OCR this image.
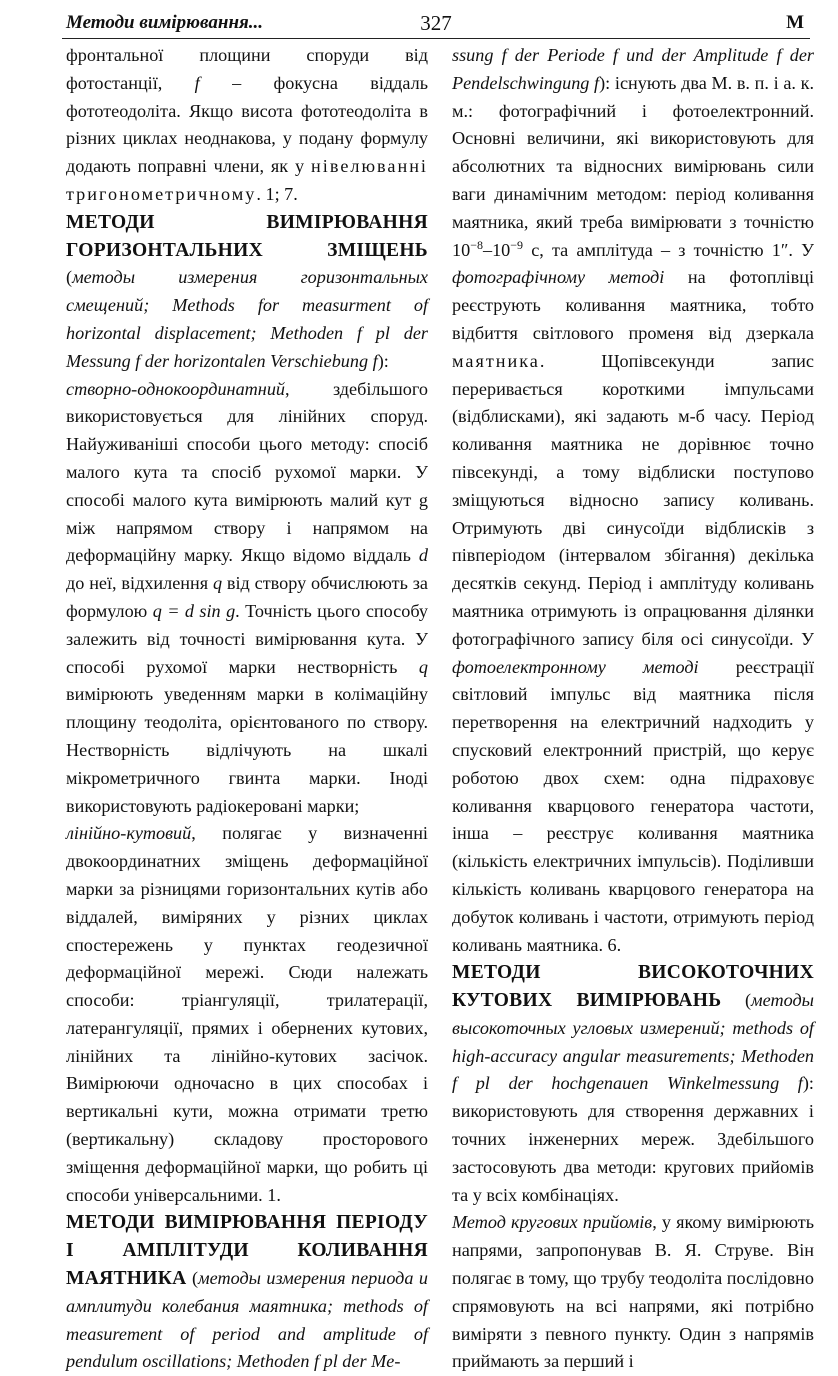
Методи вимірювання...	327	М

фронтальної площини споруди від фотостанції, f – фокусна віддаль фототеодоліта. Якщо висота фототеодоліта в різних циклах неоднакова, у подану формулу додають поправні члени, як у нівелюванні тригонометричному. 1; 7.

МЕТОДИ ВИМІРЮВАННЯ ГОРИЗОНТАЛЬНИХ ЗМІЩЕНЬ (методы измерения горизонтальных смещений; Methods for measurment of horizontal displacement; Methoden f pl der Messung f der horizontalen Verschiebung f):

створно-однокоординатний, здебільшого використовується для лінійних споруд. Найуживаніші способи цього методу: спосіб малого кута та спосіб рухомої марки. У способі малого кута вимірюють малий кут g між напрямом створу і напрямом на деформаційну марку. Якщо відомо віддаль d до неї, відхилення q від створу обчислюють за формулою q = d sin g. Точність цього способу залежить від точності вимірювання кута. У способі рухомої марки нестворність q вимірюють уведенням марки в колімаційну площину теодоліта, орієнтованого по створу. Нестворність відлічують на шкалі мікрометричного гвинта марки. Іноді використовують радіокеровані марки;

лінійно-кутовий, полягає у визначенні двокоординатних зміщень деформаційної марки за різницями горизонтальних кутів або віддалей, виміряних у різних циклах спостережень у пунктах геодезичної деформаційної мережі. Сюди належать способи: тріангуляції, трилатерації, латерангуляції, прямих і обернених кутових, лінійних та лінійно-кутових засічок. Вимірюючи одночасно в цих способах і вертикальні кути, можна отримати третю (вертикальну) складову просторового зміщення деформаційної марки, що робить ці способи універсальними. 1.

МЕТОДИ ВИМІРЮВАННЯ ПЕРІОДУ І АМПЛІТУДИ КОЛИВАННЯ МАЯТНИКА (методы измерения периода и амплитуди колебания маятника; methods of measurement of period and amplitude of pendulum oscillations; Methoden f pl der Me-

ssung f der Periode f und der Amplitude f der Pendelschwingung f): існують два М. в. п. і а. к. м.: фотографічний і фотоелектронний. Основні величини, які використовують для абсолютних та відносних вимірювань сили ваги динамічним методом: період коливання маятника, який треба вимірювати з точністю $10^{-8}-10^{-9}$ с, та амплітуда – з точністю 1″. У фотографічному методі на фотоплівці реєструють коливання маятника, тобто відбиття світлового променя від дзеркала маятника. Щопівсекунди запис переривається короткими імпульсами (відблисками), які задають м-б часу. Період коливання маятника не дорівнює точно півсекунді, а тому відблиски поступово зміщуються відносно запису коливань. Отримують дві синусоїди відблисків з півперіодом (інтервалом збігання) декілька десятків секунд. Період і амплітуду коливань маятника отримують із опрацювання ділянки фотографічного запису біля осі синусоїди. У фотоелектронному методі реєстрації світловий імпульс від маятника після перетворення на електричний надходить у спусковий електронний пристрій, що керує роботою двох схем: одна підраховує коливання кварцового генератора частоти, інша – реєструє коливання маятника (кількість електричних імпульсів). Поділивши кількість коливань кварцового генератора на добуток коливань і частоти, отримують період коливань маятника. 6.

МЕТОДИ ВИСОКОТОЧНИХ КУТОВИХ ВИМІРЮВАНЬ (методы высокоточных угловых измерений; methods of high-accuracy angular measurements; Methoden f pl der hochgenauen Winkelmessung f): використовують для створення державних і точних інженерних мереж. Здебільшого застосовують два методи: кругових прийомів та у всіх комбінаціях.

Метод кругових прийомів, у якому вимірюють напрями, запропонував В. Я. Струве. Він полягає в тому, що трубу теодоліта послідовно спрямовують на всі напрями, які потрібно виміряти з певного пункту. Один з напрямів приймають за перший і
